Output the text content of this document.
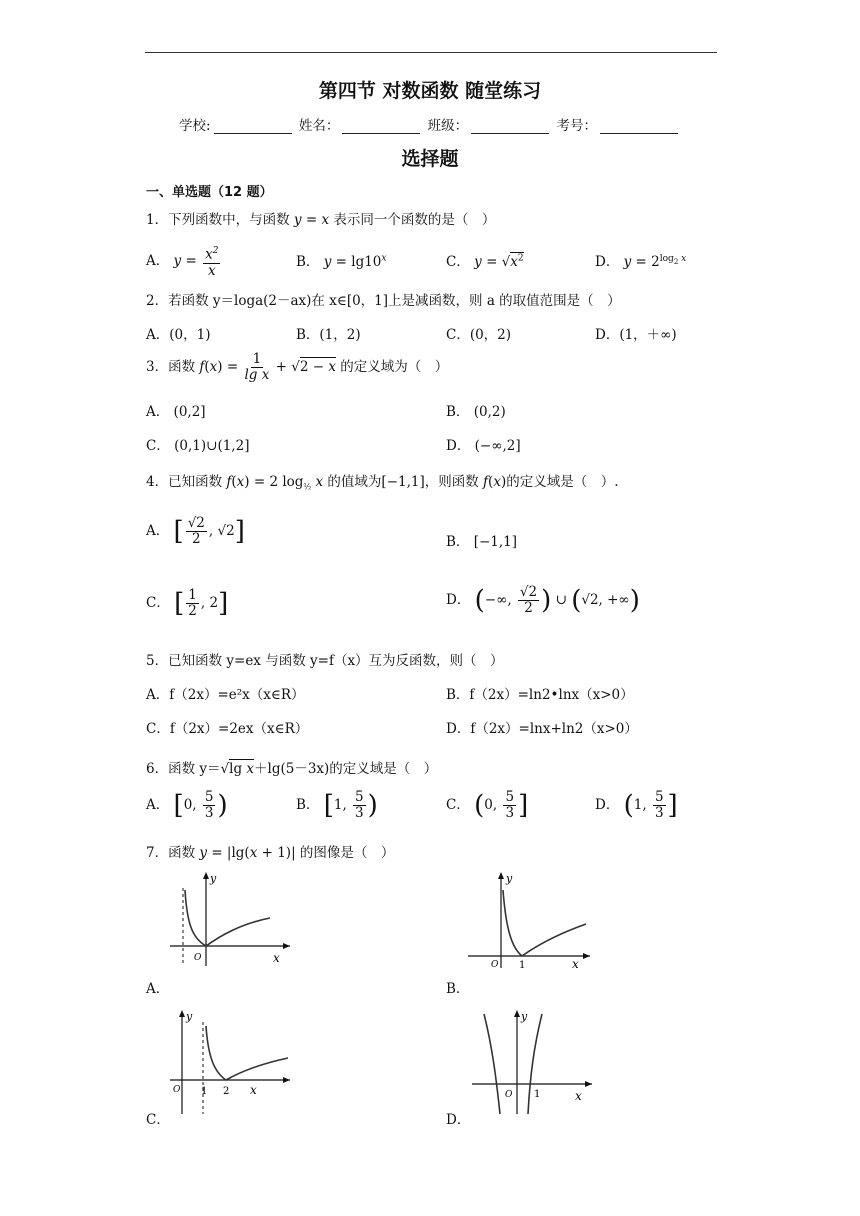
第四节 对数函数 随堂练习
学校:	姓名：	班级：	考号：
选择题
一、单选题（12 题）
1．下列函数中，与函数 y = x 表示同一个函数的是（　）
A． $y = \frac{x^2}{x}$	B． $y = \lg 10^x$	C． $y = √x^2$	D． $y = 2^{log_2 x}$
2．若函数 y＝loga(2－ax)在 x∈[0，1]上是减函数，则 a 的取值范围是（　）
A．(0，1)	B．(1，2)	C．(0，2)	D．(1，＋∞)
3．函数 $f(x) = \frac{1}{\text{lg x}} + √2 - x$ 的定义域为（　）
A． (0,2]	B． (0,2)
C． (0,1)∪(1,2]	D． (−∞,2]
4．已知函数 f(x) = 2 $\log_{\frac{1}{2}} x$ 的值域为[−1,1]，则函数 f(x)的定义域是（　）.
A． [ $\frac{√2}{2}$ , √2]	B． [−1,1]
C． [ $\frac{1}{2}$ , 2]	D． (−∞, $\frac{√2}{2}$ ) ∪ (√2, +∞)
5．已知函数 y=ex 与函数 y=f（x）互为反函数，则（　）
A．f（2x）=e²x（x∈R）	B．f（2x）=ln2•lnx（x>0）
C．f（2x）=2ex（x∈R）	D．f（2x）=lnx+ln2（x>0）
6．函数 y＝√lg x＋lg(5－3x)的定义域是（　）
A． [0, $\frac{5}{3}$ )	B． [1, $\frac{5}{3}$ )	C． (0, $\frac{5}{3}$ ]	D． (1, $\frac{5}{3}$ ]
7．函数 y = |lg(x + 1)| 的图像是（　）
A．
y
x
O
B．
y
x
O 1
C．
y
x
O 1 2
D．
y
x
O 1
